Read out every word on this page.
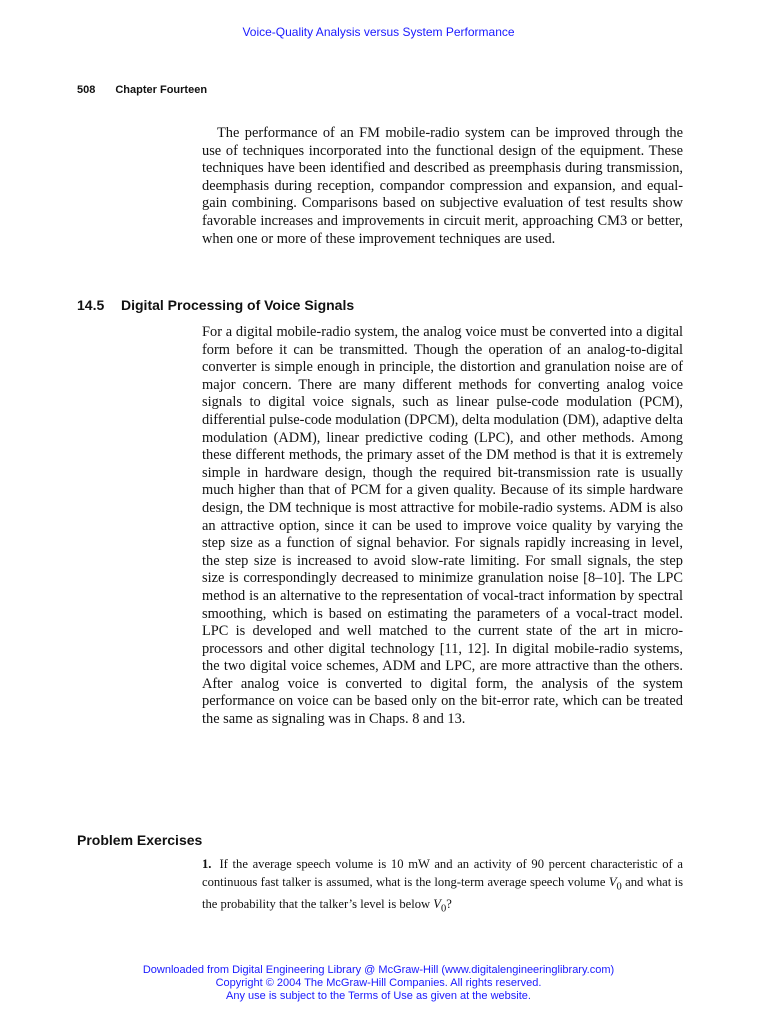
Voice-Quality Analysis versus System Performance
508 Chapter Fourteen

The performance of an FM mobile-radio system can be improved through the use of techniques incorporated into the functional design of the equipment. These techniques have been identified and described as preemphasis during transmission, deemphasis during reception, compandor compression and expansion, and equal-gain combining. Comparisons based on subjective evaluation of test results show favorable increases and improvements in circuit merit, approaching CM3 or better, when one or more of these improvement techniques are used.

14.5 Digital Processing of Voice Signals

For a digital mobile-radio system, the analog voice must be converted into a digital form before it can be transmitted. Though the operation of an analog-to-digital converter is simple enough in principle, the distortion and granulation noise are of major concern. There are many different methods for converting analog voice signals to digital voice signals, such as linear pulse-code modulation (PCM), differential pulse-code modulation (DPCM), delta modulation (DM), adaptive delta modulation (ADM), linear predictive coding (LPC), and other methods. Among these different methods, the primary asset of the DM method is that it is extremely simple in hardware design, though the required bit-transmission rate is usually much higher than that of PCM for a given quality. Because of its simple hardware design, the DM technique is most attractive for mobile-radio systems. ADM is also an attractive option, since it can be used to improve voice quality by varying the step size as a function of signal behavior. For signals rapidly increasing in level, the step size is increased to avoid slow-rate limiting. For small signals, the step size is correspondingly decreased to minimize granulation noise [8–10]. The LPC method is an alternative to the representation of vocal-tract information by spectral smoothing, which is based on estimating the parameters of a vocal-tract model. LPC is developed and well matched to the current state of the art in micro-processors and other digital technology [11, 12]. In digital mobile-radio systems, the two digital voice schemes, ADM and LPC, are more attractive than the others. After analog voice is converted to digital form, the analysis of the system performance on voice can be based only on the bit-error rate, which can be treated the same as signaling was in Chaps. 8 and 13.

Problem Exercises

1. If the average speech volume is 10 mW and an activity of 90 percent characteristic of a continuous fast talker is assumed, what is the long-term average speech volume $V_0$ and what is the probability that the talker’s level is below $V_0$?

Downloaded from Digital Engineering Library @ McGraw-Hill (www.digitalengineeringlibrary.com)
Copyright © 2004 The McGraw-Hill Companies. All rights reserved.
Any use is subject to the Terms of Use as given at the website.
